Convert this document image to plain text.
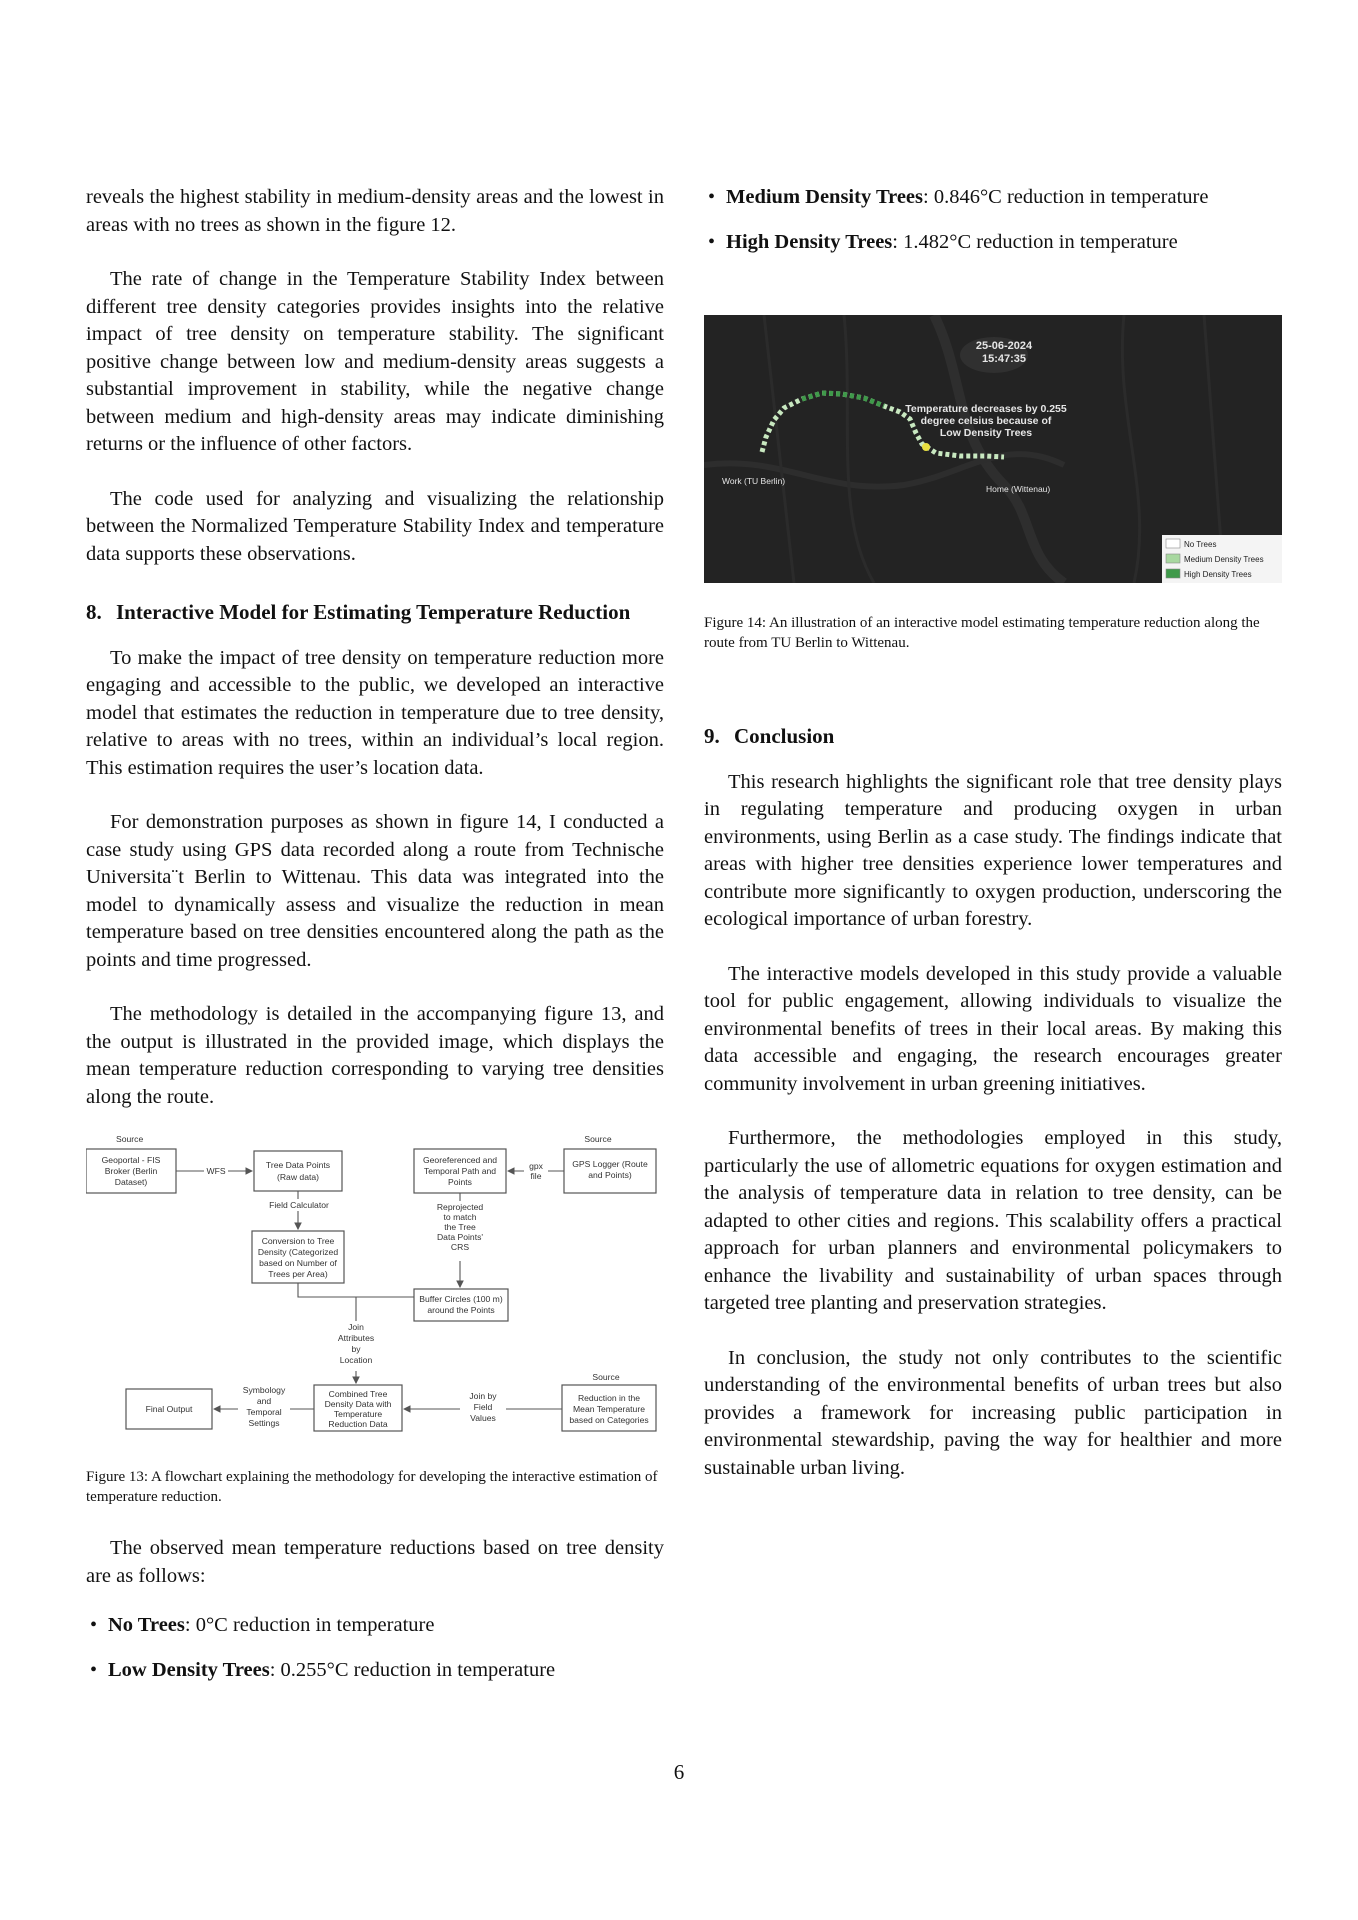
reveals the highest stability in medium-density areas and the lowest in areas with no trees as shown in the figure 12.

The rate of change in the Temperature Stability Index between different tree density categories provides insights into the relative impact of tree density on temperature stability. The significant positive change between low and medium-density areas suggests a substantial improvement in stability, while the negative change between medium and high-density areas may indicate diminishing returns or the influence of other factors.

The code used for analyzing and visualizing the relationship between the Normalized Temperature Stability Index and temperature data supports these observations.

8. Interactive Model for Estimating Temperature Reduction

To make the impact of tree density on temperature reduction more engaging and accessible to the public, we developed an interactive model that estimates the reduction in temperature due to tree density, relative to areas with no trees, within an individual’s local region. This estimation requires the user’s location data.

For demonstration purposes as shown in figure 14, I conducted a case study using GPS data recorded along a route from Technische Universita¨t Berlin to Wittenau. This data was integrated into the model to dynamically assess and visualize the reduction in mean temperature based on tree densities encountered along the path as the points and time progressed.

The methodology is detailed in the accompanying figure 13, and the output is illustrated in the provided image, which displays the mean temperature reduction corresponding to varying tree densities along the route.

Source
Geoportal - FIS
Broker (Berlin
Dataset)
WFS
Tree Data Points
(Raw data)
Field Calculator
Conversion to Tree
Density (Categorized
based on Number of
Trees per Area)
Georeferenced and
Temporal Path and
Points
gpx
file
Source
GPS Logger (Route
and Points)
Reprojected
to match
the Tree
Data Points'
CRS
Buffer Circles (100 m)
around the Points
Join
Attributes
by
Location
Combined Tree
Density Data with
Temperature
Reduction Data
Final Output
Symbology
and
Temporal
Settings
Source
Reduction in the
Mean Temperature
based on Categories
Join by
Field
Values

Figure 13: A flowchart explaining the methodology for developing the interactive estimation of temperature reduction.

The observed mean temperature reductions based on tree density are as follows:

• No Trees: 0°C reduction in temperature
• Low Density Trees: 0.255°C reduction in temperature
• Medium Density Trees: 0.846°C reduction in temperature
• High Density Trees: 1.482°C reduction in temperature
25-06-2024
15:47:35
Temperature decreases by 0.255
degree celsius because of
Low Density Trees
Work (TU Berlin)
Home (Wittenau)
No Trees
Medium Density Trees
High Density Trees

Figure 14: An illustration of an interactive model estimating temperature reduction along the route from TU Berlin to Wittenau.

9. Conclusion

This research highlights the significant role that tree density plays in regulating temperature and producing oxygen in urban environments, using Berlin as a case study. The findings indicate that areas with higher tree densities experience lower temperatures and contribute more significantly to oxygen production, underscoring the ecological importance of urban forestry.

The interactive models developed in this study provide a valuable tool for public engagement, allowing individuals to visualize the environmental benefits of trees in their local areas. By making this data accessible and engaging, the research encourages greater community involvement in urban greening initiatives.

Furthermore, the methodologies employed in this study, particularly the use of allometric equations for oxygen estimation and the analysis of temperature data in relation to tree density, can be adapted to other cities and regions. This scalability offers a practical approach for urban planners and environmental policymakers to enhance the livability and sustainability of urban spaces through targeted tree planting and preservation strategies.

In conclusion, the study not only contributes to the scientific understanding of the environmental benefits of urban trees but also provides a framework for increasing public participation in environmental stewardship, paving the way for healthier and more sustainable urban living.

6
